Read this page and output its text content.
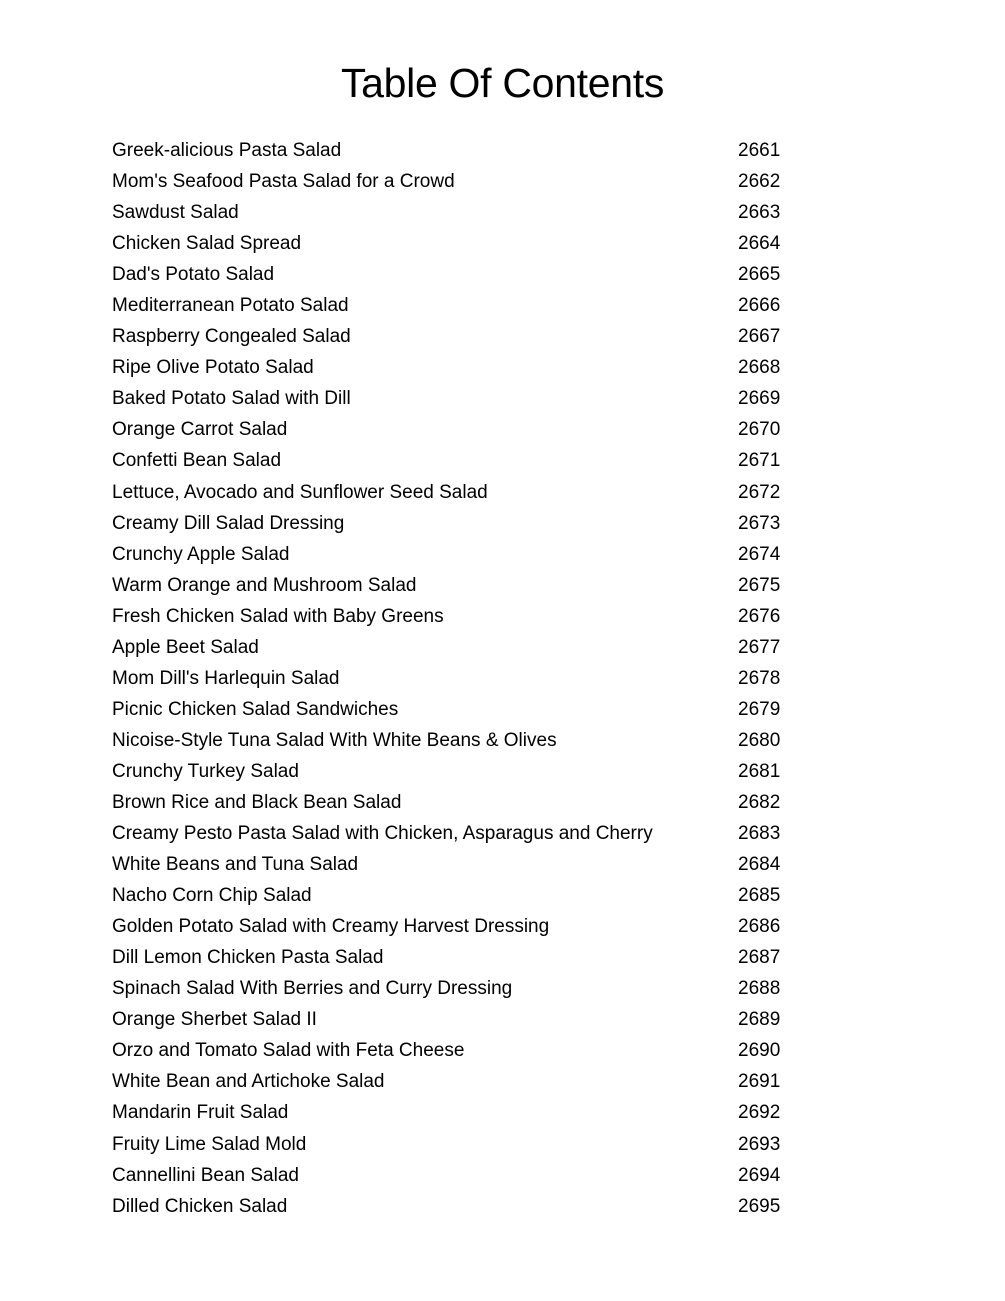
Table Of Contents
Greek-alicious Pasta Salad	2661
Mom's Seafood Pasta Salad for a Crowd	2662
Sawdust Salad	2663
Chicken Salad Spread	2664
Dad's Potato Salad	2665
Mediterranean Potato Salad	2666
Raspberry Congealed Salad	2667
Ripe Olive Potato Salad	2668
Baked Potato Salad with Dill	2669
Orange Carrot Salad	2670
Confetti Bean Salad	2671
Lettuce, Avocado and Sunflower Seed Salad	2672
Creamy Dill Salad Dressing	2673
Crunchy Apple Salad	2674
Warm Orange and Mushroom Salad	2675
Fresh Chicken Salad with Baby Greens	2676
Apple Beet Salad	2677
Mom Dill's Harlequin Salad	2678
Picnic Chicken Salad Sandwiches	2679
Nicoise-Style Tuna Salad With White Beans & Olives	2680
Crunchy Turkey Salad	2681
Brown Rice and Black Bean Salad	2682
Creamy Pesto Pasta Salad with Chicken, Asparagus and Cherry	2683
White Beans and Tuna Salad	2684
Nacho Corn Chip Salad	2685
Golden Potato Salad with Creamy Harvest Dressing	2686
Dill Lemon Chicken Pasta Salad	2687
Spinach Salad With Berries and Curry Dressing	2688
Orange Sherbet Salad II	2689
Orzo and Tomato Salad with Feta Cheese	2690
White Bean and Artichoke Salad	2691
Mandarin Fruit Salad	2692
Fruity Lime Salad Mold	2693
Cannellini Bean Salad	2694
Dilled Chicken Salad	2695
